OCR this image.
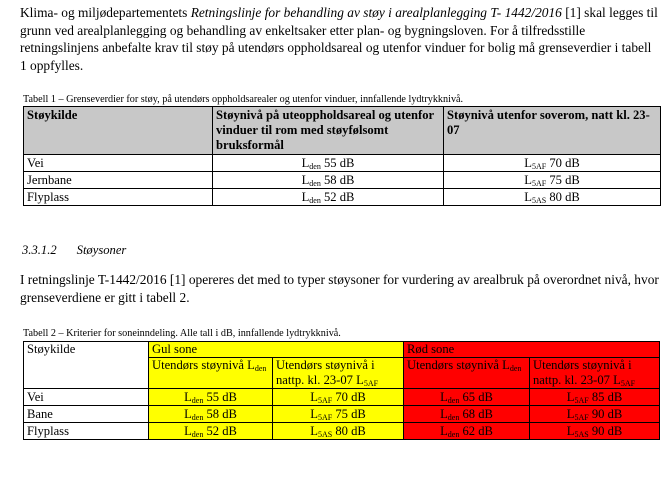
Klima- og miljødepartementets Retningslinje for behandling av støy i arealplanlegging T- 1442/2016 [1] skal legges til grunn ved arealplanlegging og behandling av enkeltsaker etter plan- og bygningsloven. For å tilfredsstille retningslinjens anbefalte krav til støy på utendørs oppholdsareal og utenfor vinduer for bolig må grenseverdier i tabell 1 oppfylles.

Tabell 1 – Grenseverdier for støy, på utendørs oppholdsarealer og utenfor vinduer, innfallende lydtrykknivå.
Støykilde	Støynivå på uteoppholdsareal og utenfor vinduer til rom med støyfølsomt bruksformål	Støynivå utenfor soverom, natt kl. 23-07
Vei	$L_{den}$ 55 dB	$L_{5AF}$ 70 dB
Jernbane	$L_{den}$ 58 dB	$L_{5AF}$ 75 dB
Flyplass	$L_{den}$ 52 dB	$L_{5AS}$ 80 dB
3.3.1.2 Støysoner

I retningslinje T-1442/2016 [1] opereres det med to typer støysoner for vurdering av arealbruk på overordnet nivå, hvor grenseverdiene er gitt i tabell 2.

Tabell 2 – Kriterier for soneinndeling. Alle tall i dB, innfallende lydtrykknivå.
Støykilde	Gul sone		Rød sone	
	Utendørs støynivå $L_{den}$	Utendørs støynivå i nattp. kl. 23-07 $L_{5AF}$	Utendørs støynivå $L_{den}$	Utendørs støynivå i nattp. kl. 23-07 $L_{5AF}$
Vei	$L_{den}$ 55 dB	$L_{5AF}$ 70 dB	$L_{den}$ 65 dB	$L_{5AF}$ 85 dB
Bane	$L_{den}$ 58 dB	$L_{5AF}$ 75 dB	$L_{den}$ 68 dB	$L_{5AF}$ 90 dB
Flyplass	$L_{den}$ 52 dB	$L_{5AS}$ 80 dB	$L_{den}$ 62 dB	$L_{5AS}$ 90 dB
